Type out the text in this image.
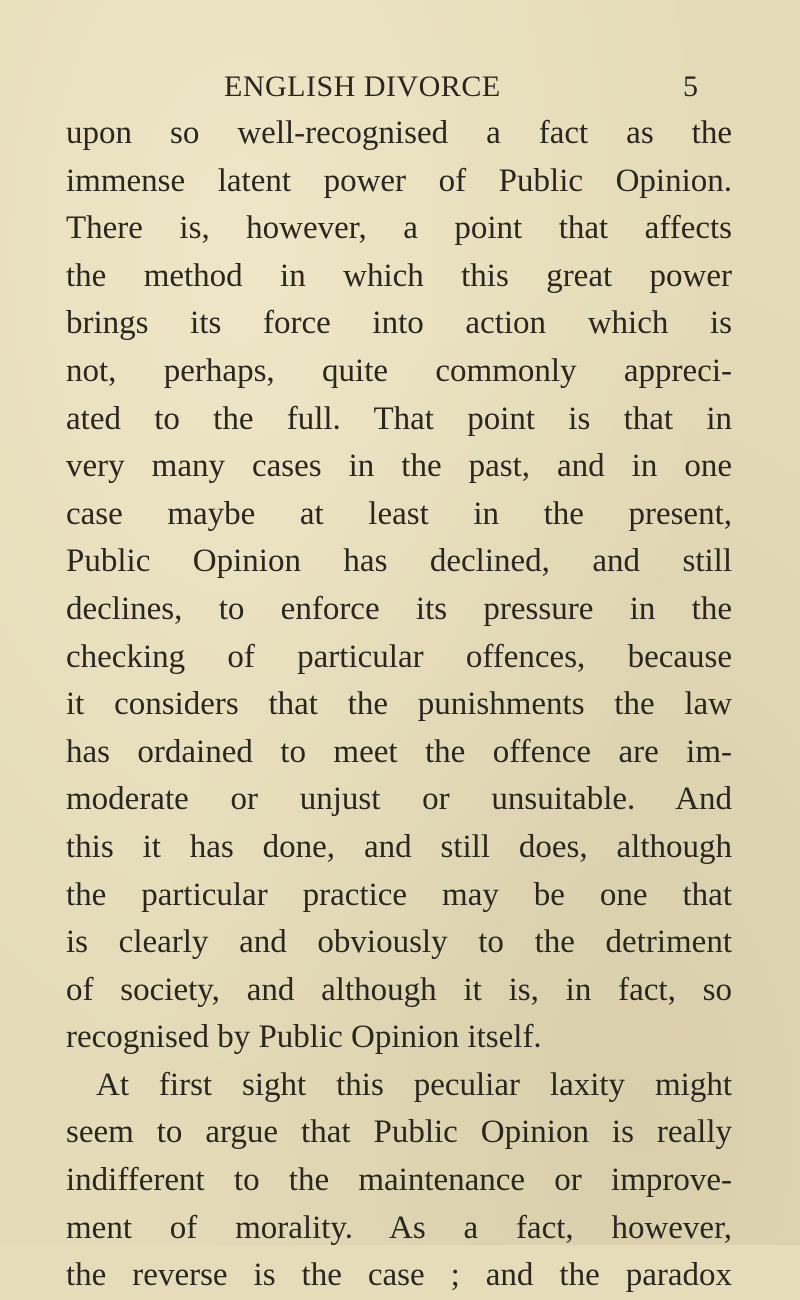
ENGLISH DIVORCE	5
upon so well-recognised a fact as the
immense latent power of Public Opinion.
There is, however, a point that affects
the method in which this great power
brings its force into action which is
not, perhaps, quite commonly appreci-
ated to the full. That point is that in
very many cases in the past, and in one
case maybe at least in the present,
Public Opinion has declined, and still
declines, to enforce its pressure in the
checking of particular offences, because
it considers that the punishments the law
has ordained to meet the offence are im-
moderate or unjust or unsuitable. And
this it has done, and still does, although
the particular practice may be one that
is clearly and obviously to the detriment
of society, and although it is, in fact, so
recognised by Public Opinion itself.
At first sight this peculiar laxity might
seem to argue that Public Opinion is really
indifferent to the maintenance or improve-
ment of morality. As a fact, however,
the reverse is the case ; and the paradox
